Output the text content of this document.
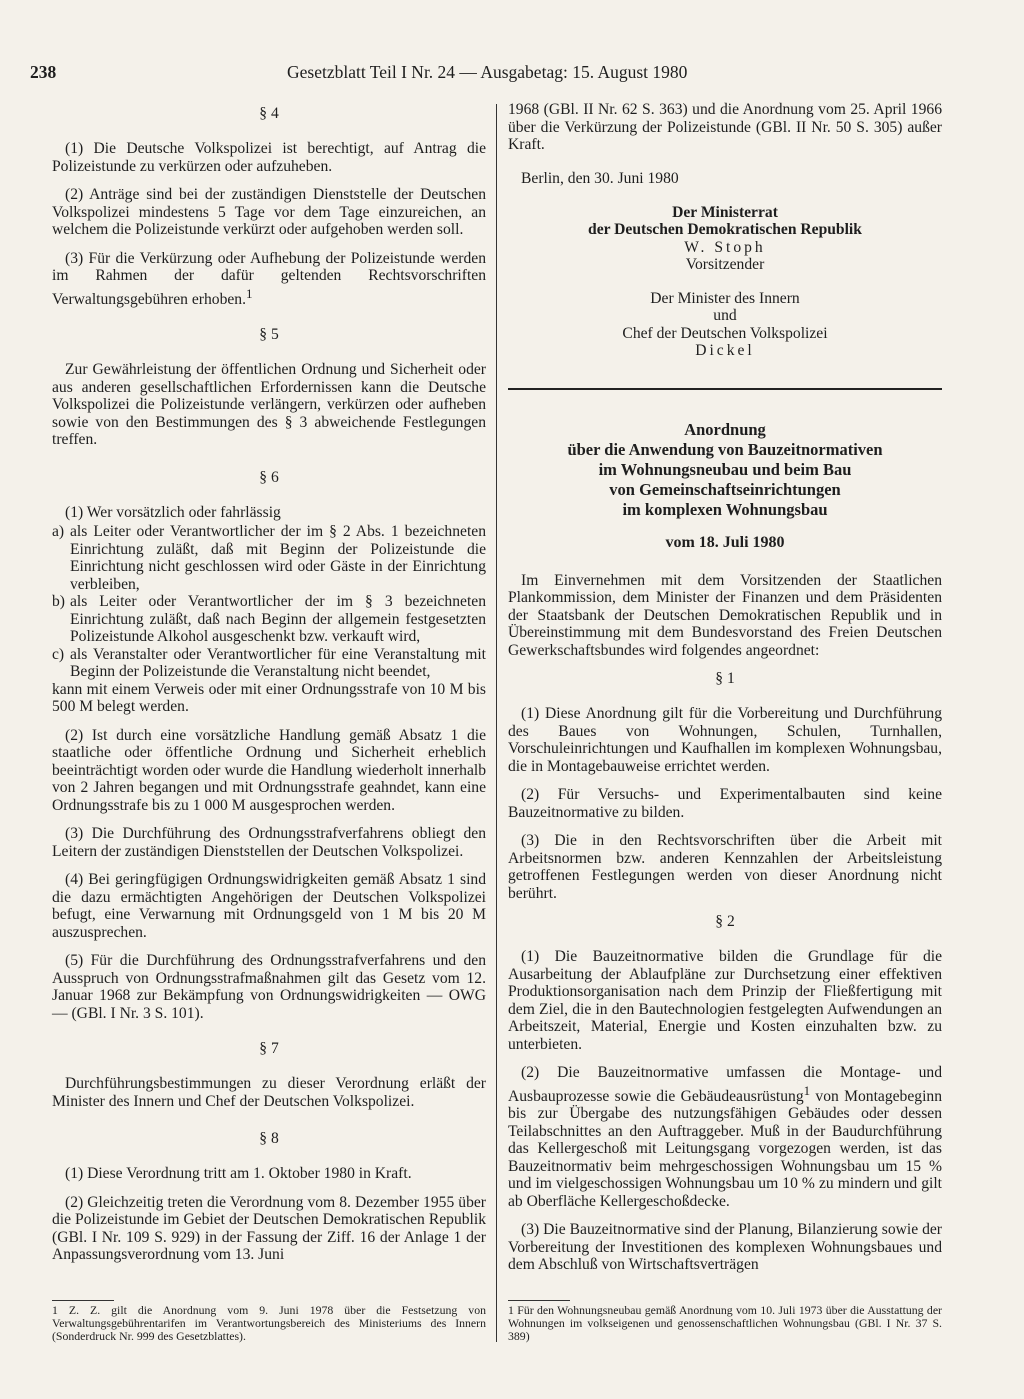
238	Gesetzblatt Teil I Nr. 24 — Ausgabetag: 15. August 1980
§ 4

(1) Die Deutsche Volkspolizei ist berechtigt, auf Antrag die Polizeistunde zu verkürzen oder aufzuheben.

(2) Anträge sind bei der zuständigen Dienststelle der Deutschen Volkspolizei mindestens 5 Tage vor dem Tage einzureichen, an welchem die Polizeistunde verkürzt oder aufgehoben werden soll.

(3) Für die Verkürzung oder Aufhebung der Polizeistunde werden im Rahmen der dafür geltenden Rechtsvorschriften Verwaltungsgebühren erhoben.$^1$

§ 5

Zur Gewährleistung der öffentlichen Ordnung und Sicherheit oder aus anderen gesellschaftlichen Erfordernissen kann die Deutsche Volkspolizei die Polizeistunde verlängern, verkürzen oder aufheben sowie von den Bestimmungen des § 3 abweichende Festlegungen treffen.

§ 6

(1) Wer vorsätzlich oder fahrlässig

a) als Leiter oder Verantwortlicher der im § 2 Abs. 1 bezeichneten Einrichtung zuläßt, daß mit Beginn der Polizeistunde die Einrichtung nicht geschlossen wird oder Gäste in der Einrichtung verbleiben,
b) als Leiter oder Verantwortlicher der im § 3 bezeichneten Einrichtung zuläßt, daß nach Beginn der allgemein festgesetzten Polizeistunde Alkohol ausgeschenkt bzw. verkauft wird,
c) als Veranstalter oder Verantwortlicher für eine Veranstaltung mit Beginn der Polizeistunde die Veranstaltung nicht beendet,

kann mit einem Verweis oder mit einer Ordnungsstrafe von 10 M bis 500 M belegt werden.

(2) Ist durch eine vorsätzliche Handlung gemäß Absatz 1 die staatliche oder öffentliche Ordnung und Sicherheit erheblich beeinträchtigt worden oder wurde die Handlung wiederholt innerhalb von 2 Jahren begangen und mit Ordnungsstrafe geahndet, kann eine Ordnungsstrafe bis zu 1 000 M ausgesprochen werden.

(3) Die Durchführung des Ordnungsstrafverfahrens obliegt den Leitern der zuständigen Dienststellen der Deutschen Volkspolizei.

(4) Bei geringfügigen Ordnungswidrigkeiten gemäß Absatz 1 sind die dazu ermächtigten Angehörigen der Deutschen Volkspolizei befugt, eine Verwarnung mit Ordnungsgeld von 1 M bis 20 M auszusprechen.

(5) Für die Durchführung des Ordnungsstrafverfahrens und den Ausspruch von Ordnungsstrafmaßnahmen gilt das Gesetz vom 12. Januar 1968 zur Bekämpfung von Ordnungswidrigkeiten — OWG — (GBl. I Nr. 3 S. 101).

§ 7

Durchführungsbestimmungen zu dieser Verordnung erläßt der Minister des Innern und Chef der Deutschen Volkspolizei.

§ 8

(1) Diese Verordnung tritt am 1. Oktober 1980 in Kraft.

(2) Gleichzeitig treten die Verordnung vom 8. Dezember 1955 über die Polizeistunde im Gebiet der Deutschen Demokratischen Republik (GBl. I Nr. 109 S. 929) in der Fassung der Ziff. 16 der Anlage 1 der Anpassungsverordnung vom 13. Juni

1 Z. Z. gilt die Anordnung vom 9. Juni 1978 über die Festsetzung von Verwaltungsgebührentarifen im Verantwortungsbereich des Ministeriums des Innern (Sonderdruck Nr. 999 des Gesetzblattes).

1968 (GBl. II Nr. 62 S. 363) und die Anordnung vom 25. April 1966 über die Verkürzung der Polizeistunde (GBl. II Nr. 50 S. 305) außer Kraft.

Berlin, den 30. Juni 1980
Der Ministerrat
der Deutschen Demokratischen Republik
W. Stoph
Vorsitzender
Der Minister des Innern
und
Chef der Deutschen Volkspolizei
Dickel
Anordnung
über die Anwendung von Bauzeitnormativen
im Wohnungsneubau und beim Bau
von Gemeinschaftseinrichtungen
im komplexen Wohnungsbau
vom 18. Juli 1980

Im Einvernehmen mit dem Vorsitzenden der Staatlichen Plankommission, dem Minister der Finanzen und dem Präsidenten der Staatsbank der Deutschen Demokratischen Republik und in Übereinstimmung mit dem Bundesvorstand des Freien Deutschen Gewerkschaftsbundes wird folgendes angeordnet:

§ 1

(1) Diese Anordnung gilt für die Vorbereitung und Durchführung des Baues von Wohnungen, Schulen, Turnhallen, Vorschuleinrichtungen und Kaufhallen im komplexen Wohnungsbau, die in Montagebauweise errichtet werden.

(2) Für Versuchs- und Experimentalbauten sind keine Bauzeitnormative zu bilden.

(3) Die in den Rechtsvorschriften über die Arbeit mit Arbeitsnormen bzw. anderen Kennzahlen der Arbeitsleistung getroffenen Festlegungen werden von dieser Anordnung nicht berührt.

§ 2

(1) Die Bauzeitnormative bilden die Grundlage für die Ausarbeitung der Ablaufpläne zur Durchsetzung einer effektiven Produktionsorganisation nach dem Prinzip der Fließfertigung mit dem Ziel, die in den Bautechnologien festgelegten Aufwendungen an Arbeitszeit, Material, Energie und Kosten einzuhalten bzw. zu unterbieten.

(2) Die Bauzeitnormative umfassen die Montage- und Ausbauprozesse sowie die Gebäudeausrüstung$^1$ von Montagebeginn bis zur Übergabe des nutzungsfähigen Gebäudes oder dessen Teilabschnittes an den Auftraggeber. Muß in der Baudurchführung das Kellergeschoß mit Leitungsgang vorgezogen werden, ist das Bauzeitnormativ beim mehrgeschossigen Wohnungsbau um 15 % und im vielgeschossigen Wohnungsbau um 10 % zu mindern und gilt ab Oberfläche Kellergeschoßdecke.

(3) Die Bauzeitnormative sind der Planung, Bilanzierung sowie der Vorbereitung der Investitionen des komplexen Wohnungsbaues und dem Abschluß von Wirtschaftsverträgen

1 Für den Wohnungsneubau gemäß Anordnung vom 10. Juli 1973 über die Ausstattung der Wohnungen im volkseigenen und genossenschaftlichen Wohnungsbau (GBl. I Nr. 37 S. 389)
